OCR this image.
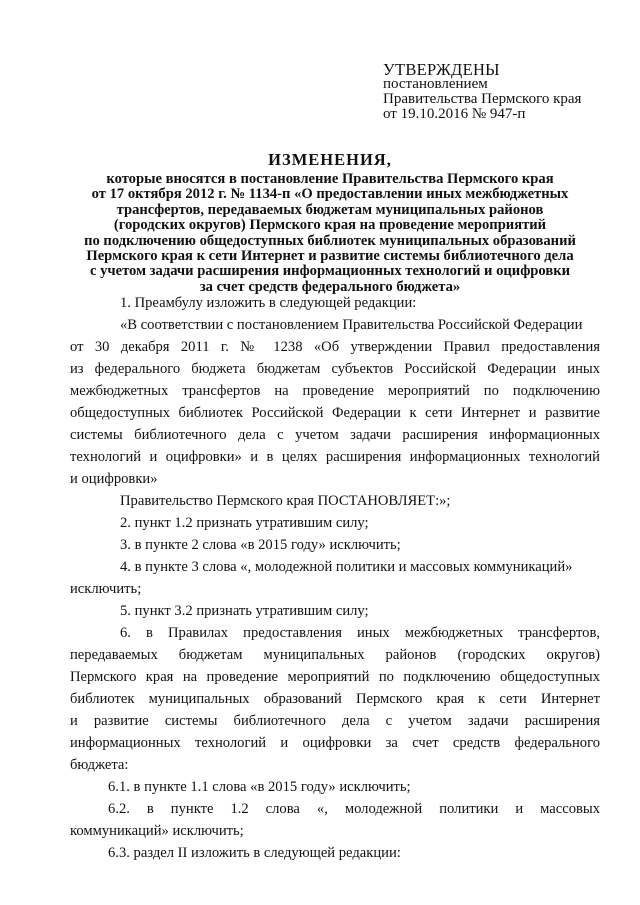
УТВЕРЖДЕНЫ
постановлением
Правительства Пермского края
от 19.10.2016 № 947-п
ИЗМЕНЕНИЯ,
которые вносятся в постановление Правительства Пермского края
от 17 октября 2012 г. № 1134-п «О предоставлении иных межбюджетных
трансфертов, передаваемых бюджетам муниципальных районов
(городских округов) Пермского края на проведение мероприятий
по подключению общедоступных библиотек муниципальных образований
Пермского края к сети Интернет и развитие системы библиотечного дела
с учетом задачи расширения информационных технологий и оцифровки
за счет средств федерального бюджета»
1. Преамбулу изложить в следующей редакции:
«В соответствии с постановлением Правительства Российской Федерации
от 30 декабря 2011 г. № 1238 «Об утверждении Правил предоставления
из федерального бюджета бюджетам субъектов Российской Федерации иных
межбюджетных трансфертов на проведение мероприятий по подключению
общедоступных библиотек Российской Федерации к сети Интернет и развитие
системы библиотечного дела с учетом задачи расширения информационных
технологий и оцифровки» и в целях расширения информационных технологий
и оцифровки»
Правительство Пермского края ПОСТАНОВЛЯЕТ:»;
2. пункт 1.2 признать утратившим силу;
3. в пункте 2 слова «в 2015 году» исключить;
4. в пункте 3 слова «, молодежной политики и массовых коммуникаций»
исключить;
5. пункт 3.2 признать утратившим силу;
6. в Правилах предоставления иных межбюджетных трансфертов,
передаваемых бюджетам муниципальных районов (городских округов)
Пермского края на проведение мероприятий по подключению общедоступных
библиотек муниципальных образований Пермского края к сети Интернет
и развитие системы библиотечного дела с учетом задачи расширения
информационных технологий и оцифровки за счет средств федерального
бюджета:
6.1. в пункте 1.1 слова «в 2015 году» исключить;
6.2. в пункте 1.2 слова «, молодежной политики и массовых
коммуникаций» исключить;
6.3. раздел II изложить в следующей редакции:
